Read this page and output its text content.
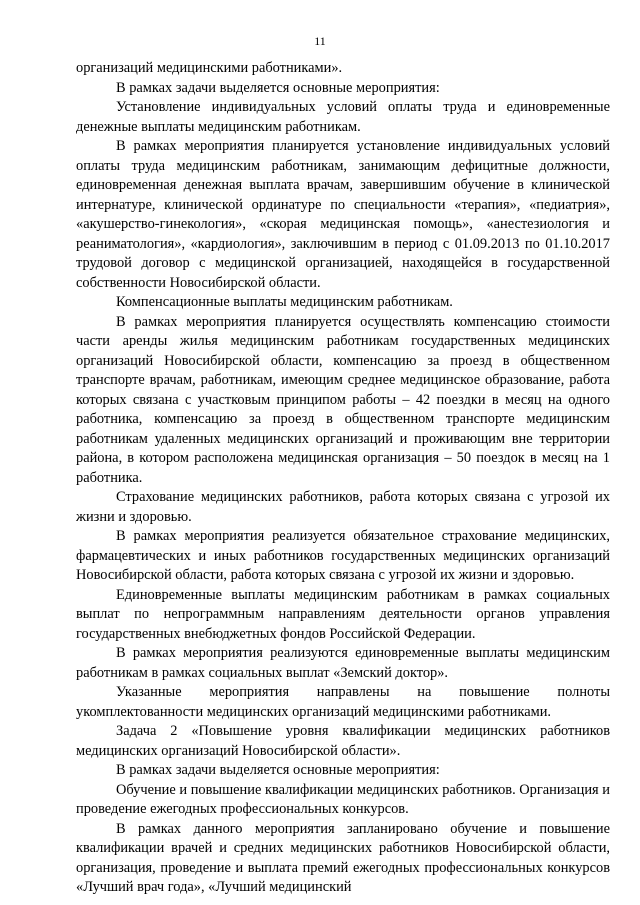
11

организаций медицинскими работниками».

В рамках задачи выделяется основные мероприятия:

Установление индивидуальных условий оплаты труда и единовременные денежные выплаты медицинским работникам.

В рамках мероприятия планируется установление индивидуальных условий оплаты труда медицинским работникам, занимающим дефицитные должности, единовременная денежная выплата врачам, завершившим обучение в клинической интернатуре, клинической ординатуре по специальности «терапия», «педиатрия», «акушерство-гинекология», «скорая медицинская помощь», «анестезиология и реаниматология», «кардиология», заключившим в период с 01.09.2013 по 01.10.2017 трудовой договор с медицинской организацией, находящейся в государственной собственности Новосибирской области.

Компенсационные выплаты медицинским работникам.

В рамках мероприятия планируется осуществлять компенсацию стоимости части аренды жилья медицинским работникам государственных медицинских организаций Новосибирской области, компенсацию за проезд в общественном транспорте врачам, работникам, имеющим среднее медицинское образование, работа которых связана с участковым принципом работы – 42 поездки в месяц на одного работника, компенсацию за проезд в общественном транспорте медицинским работникам удаленных медицинских организаций и проживающим вне территории района, в котором расположена медицинская организация – 50 поездок в месяц на 1 работника.

Страхование медицинских работников, работа которых связана с угрозой их жизни и здоровью.

В рамках мероприятия реализуется обязательное страхование медицинских, фармацевтических и иных работников государственных медицинских организаций Новосибирской области, работа которых связана с угрозой их жизни и здоровью.

Единовременные выплаты медицинским работникам в рамках социальных выплат по непрограммным направлениям деятельности органов управления государственных внебюджетных фондов Российской Федерации.

В рамках мероприятия реализуются единовременные выплаты медицинским работникам в рамках социальных выплат «Земский доктор».

Указанные мероприятия направлены на повышение полноты укомплектованности медицинских организаций медицинскими работниками.

Задача 2 «Повышение уровня квалификации медицинских работников медицинских организаций Новосибирской области».

В рамках задачи выделяется основные мероприятия:

Обучение и повышение квалификации медицинских работников. Организация и проведение ежегодных профессиональных конкурсов.

В рамках данного мероприятия запланировано обучение и повышение квалификации врачей и средних медицинских работников Новосибирской области, организация, проведение и выплата премий ежегодных профессиональных конкурсов «Лучший врач года», «Лучший медицинский
